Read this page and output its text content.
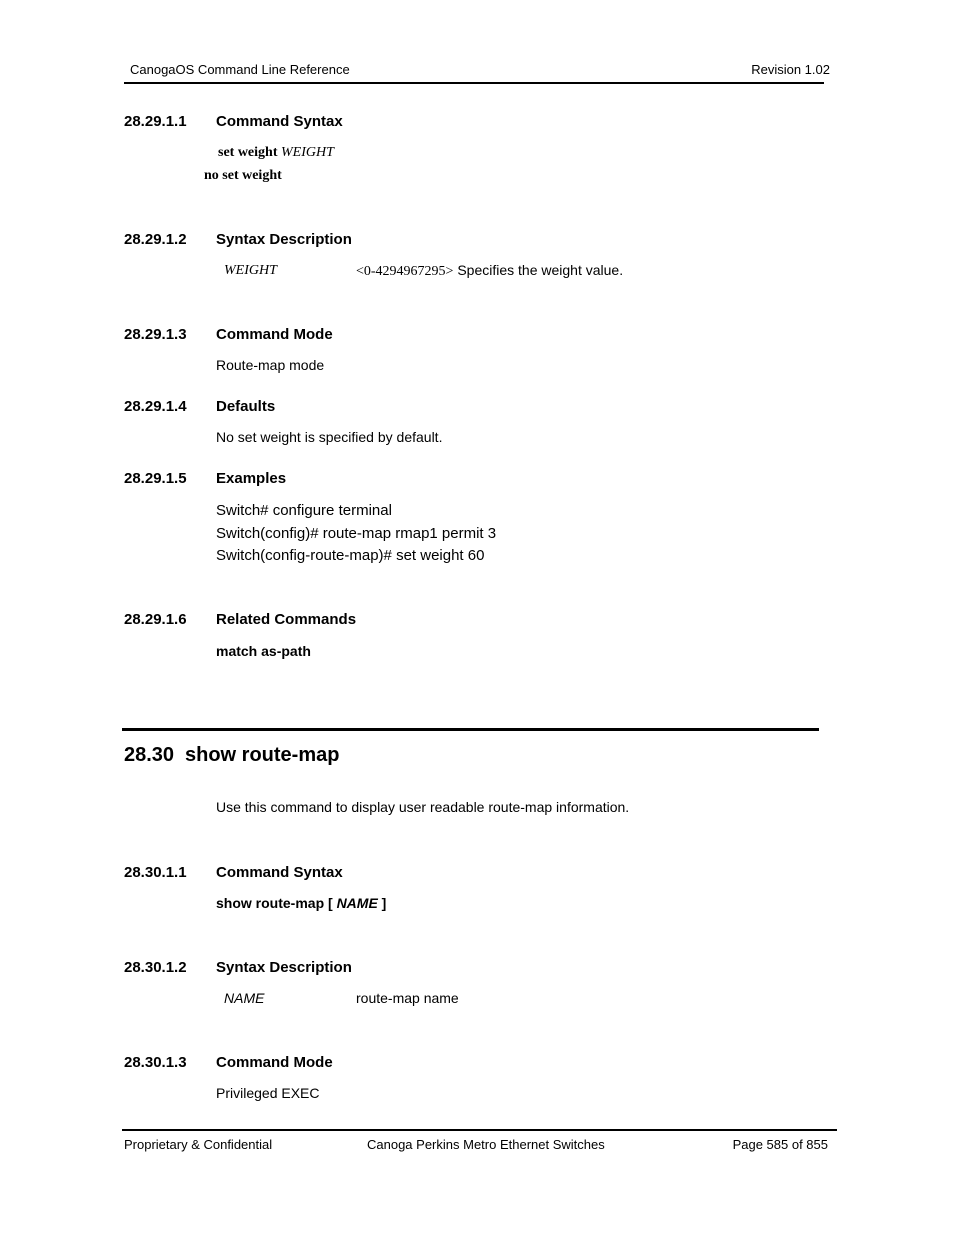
CanogaOS Command Line Reference	Revision 1.02
28.29.1.1 Command Syntax
set weight WEIGHT
no set weight
28.29.1.2 Syntax Description
WEIGHT	<0-4294967295> Specifies the weight value.
28.29.1.3 Command Mode
Route-map mode
28.29.1.4 Defaults
No set weight is specified by default.
28.29.1.5 Examples
Switch# configure terminal
Switch(config)# route-map rmap1 permit 3
Switch(config-route-map)# set weight 60
28.29.1.6 Related Commands
match as-path
28.30 show route-map
Use this command to display user readable route-map information.
28.30.1.1 Command Syntax
show route-map [ NAME ]
28.30.1.2 Syntax Description
NAME	route-map name
28.30.1.3 Command Mode
Privileged EXEC
Proprietary & Confidential	Canoga Perkins Metro Ethernet Switches	Page 585 of 855
